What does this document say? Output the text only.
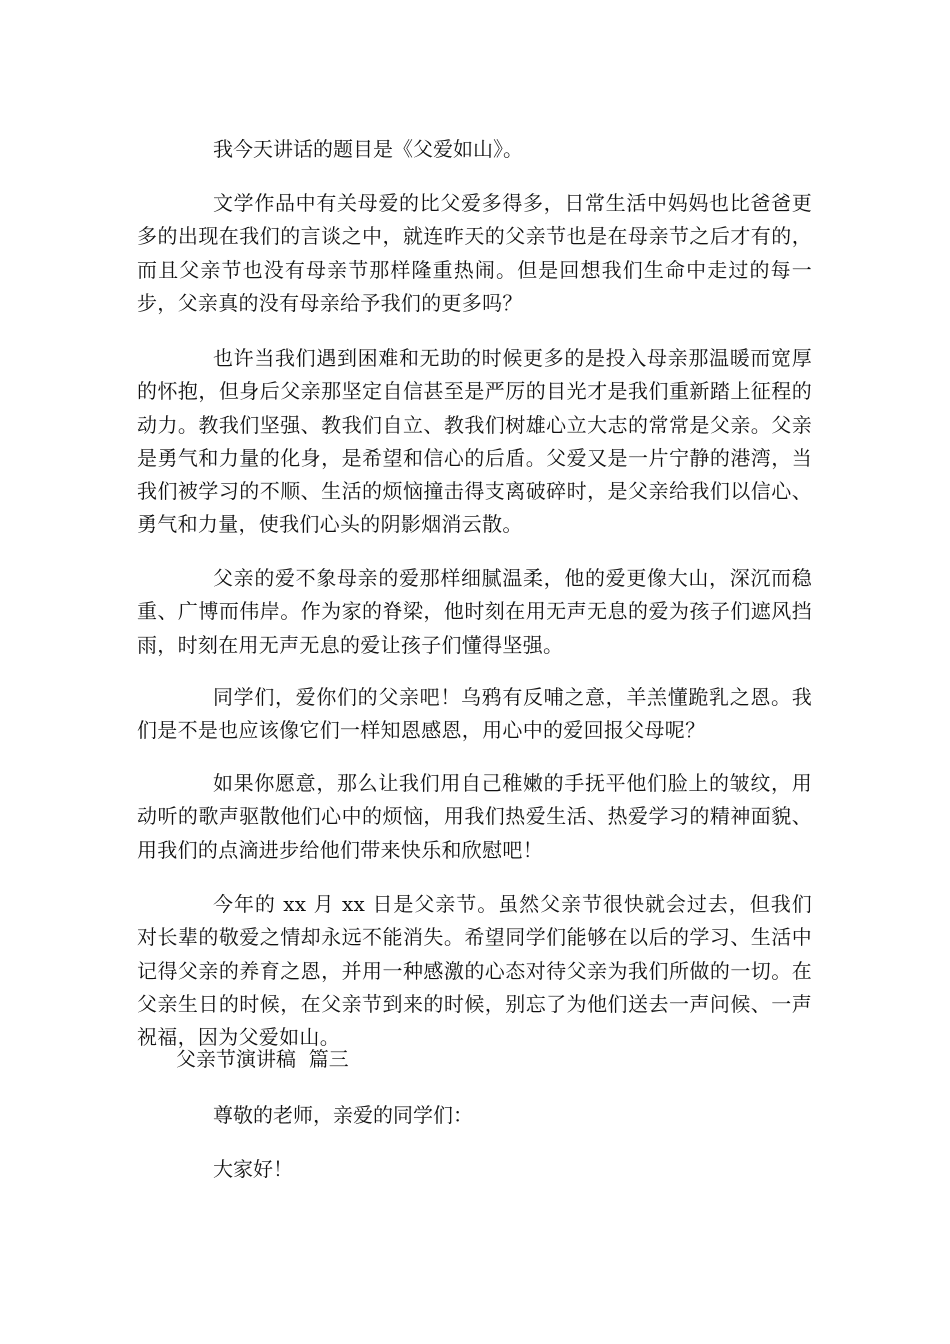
我今天讲话的题目是《父爱如山》。

文学作品中有关母爱的比父爱多得多，日常生活中妈妈也比爸爸更多的出现在我们的言谈之中，就连昨天的父亲节也是在母亲节之后才有的，而且父亲节也没有母亲节那样隆重热闹。但是回想我们生命中走过的每一步，父亲真的没有母亲给予我们的更多吗？

也许当我们遇到困难和无助的时候更多的是投入母亲那温暖而宽厚的怀抱，但身后父亲那坚定自信甚至是严厉的目光才是我们重新踏上征程的动力。教我们坚强、教我们自立、教我们树雄心立大志的常常是父亲。父亲是勇气和力量的化身，是希望和信心的后盾。父爱又是一片宁静的港湾，当我们被学习的不顺、生活的烦恼撞击得支离破碎时，是父亲给我们以信心、勇气和力量，使我们心头的阴影烟消云散。

父亲的爱不象母亲的爱那样细腻温柔，他的爱更像大山，深沉而稳重、广博而伟岸。作为家的脊梁，他时刻在用无声无息的爱为孩子们遮风挡雨，时刻在用无声无息的爱让孩子们懂得坚强。

同学们，爱你们的父亲吧！乌鸦有反哺之意，羊羔懂跪乳之恩。我们是不是也应该像它们一样知恩感恩，用心中的爱回报父母呢？

如果你愿意，那么让我们用自己稚嫩的手抚平他们脸上的皱纹，用动听的歌声驱散他们心中的烦恼，用我们热爱生活、热爱学习的精神面貌、用我们的点滴进步给他们带来快乐和欣慰吧！

今年的 xx 月 xx 日是父亲节。虽然父亲节很快就会过去，但我们对长辈的敬爱之情却永远不能消失。希望同学们能够在以后的学习、生活中记得父亲的养育之恩，并用一种感激的心态对待父亲为我们所做的一切。在父亲生日的时候，在父亲节到来的时候，别忘了为他们送去一声问候、一声祝福，因为父爱如山。

父亲节演讲稿  篇三

尊敬的老师，亲爱的同学们：

大家好！
